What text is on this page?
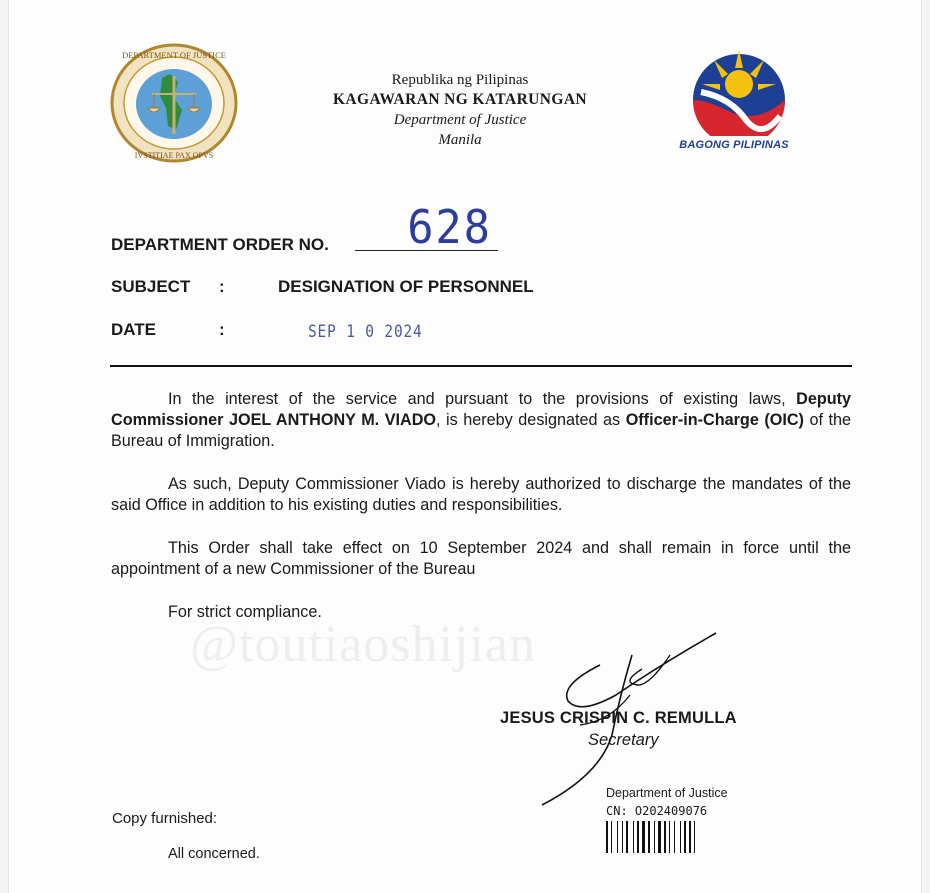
DEPARTMENT OF JUSTICE
IVSTITIAE PAX OPVS
BAGONG PILIPINAS
Republika ng Pilipinas
KAGAWARAN NG KATARUNGAN
Department of Justice
Manila
DEPARTMENT ORDER NO. 628
SUBJECT :	DESIGNATION OF PERSONNEL
DATE	:	SEP 1 0 2024
In the interest of the service and pursuant to the provisions of existing laws, Deputy Commissioner JOEL ANTHONY M. VIADO, is hereby designated as Officer-in-Charge (OIC) of the Bureau of Immigration.
As such, Deputy Commissioner Viado is hereby authorized to discharge the mandates of the said Office in addition to his existing duties and responsibilities.
This Order shall take effect on 10 September 2024 and shall remain in force until the appointment of a new Commissioner of the Bureau
For strict compliance.
@toutiaoshijian
JESUS CRISPIN C. REMULLA
Secretary
Department of Justice
CN: O202409076
Copy furnished:
All concerned.
